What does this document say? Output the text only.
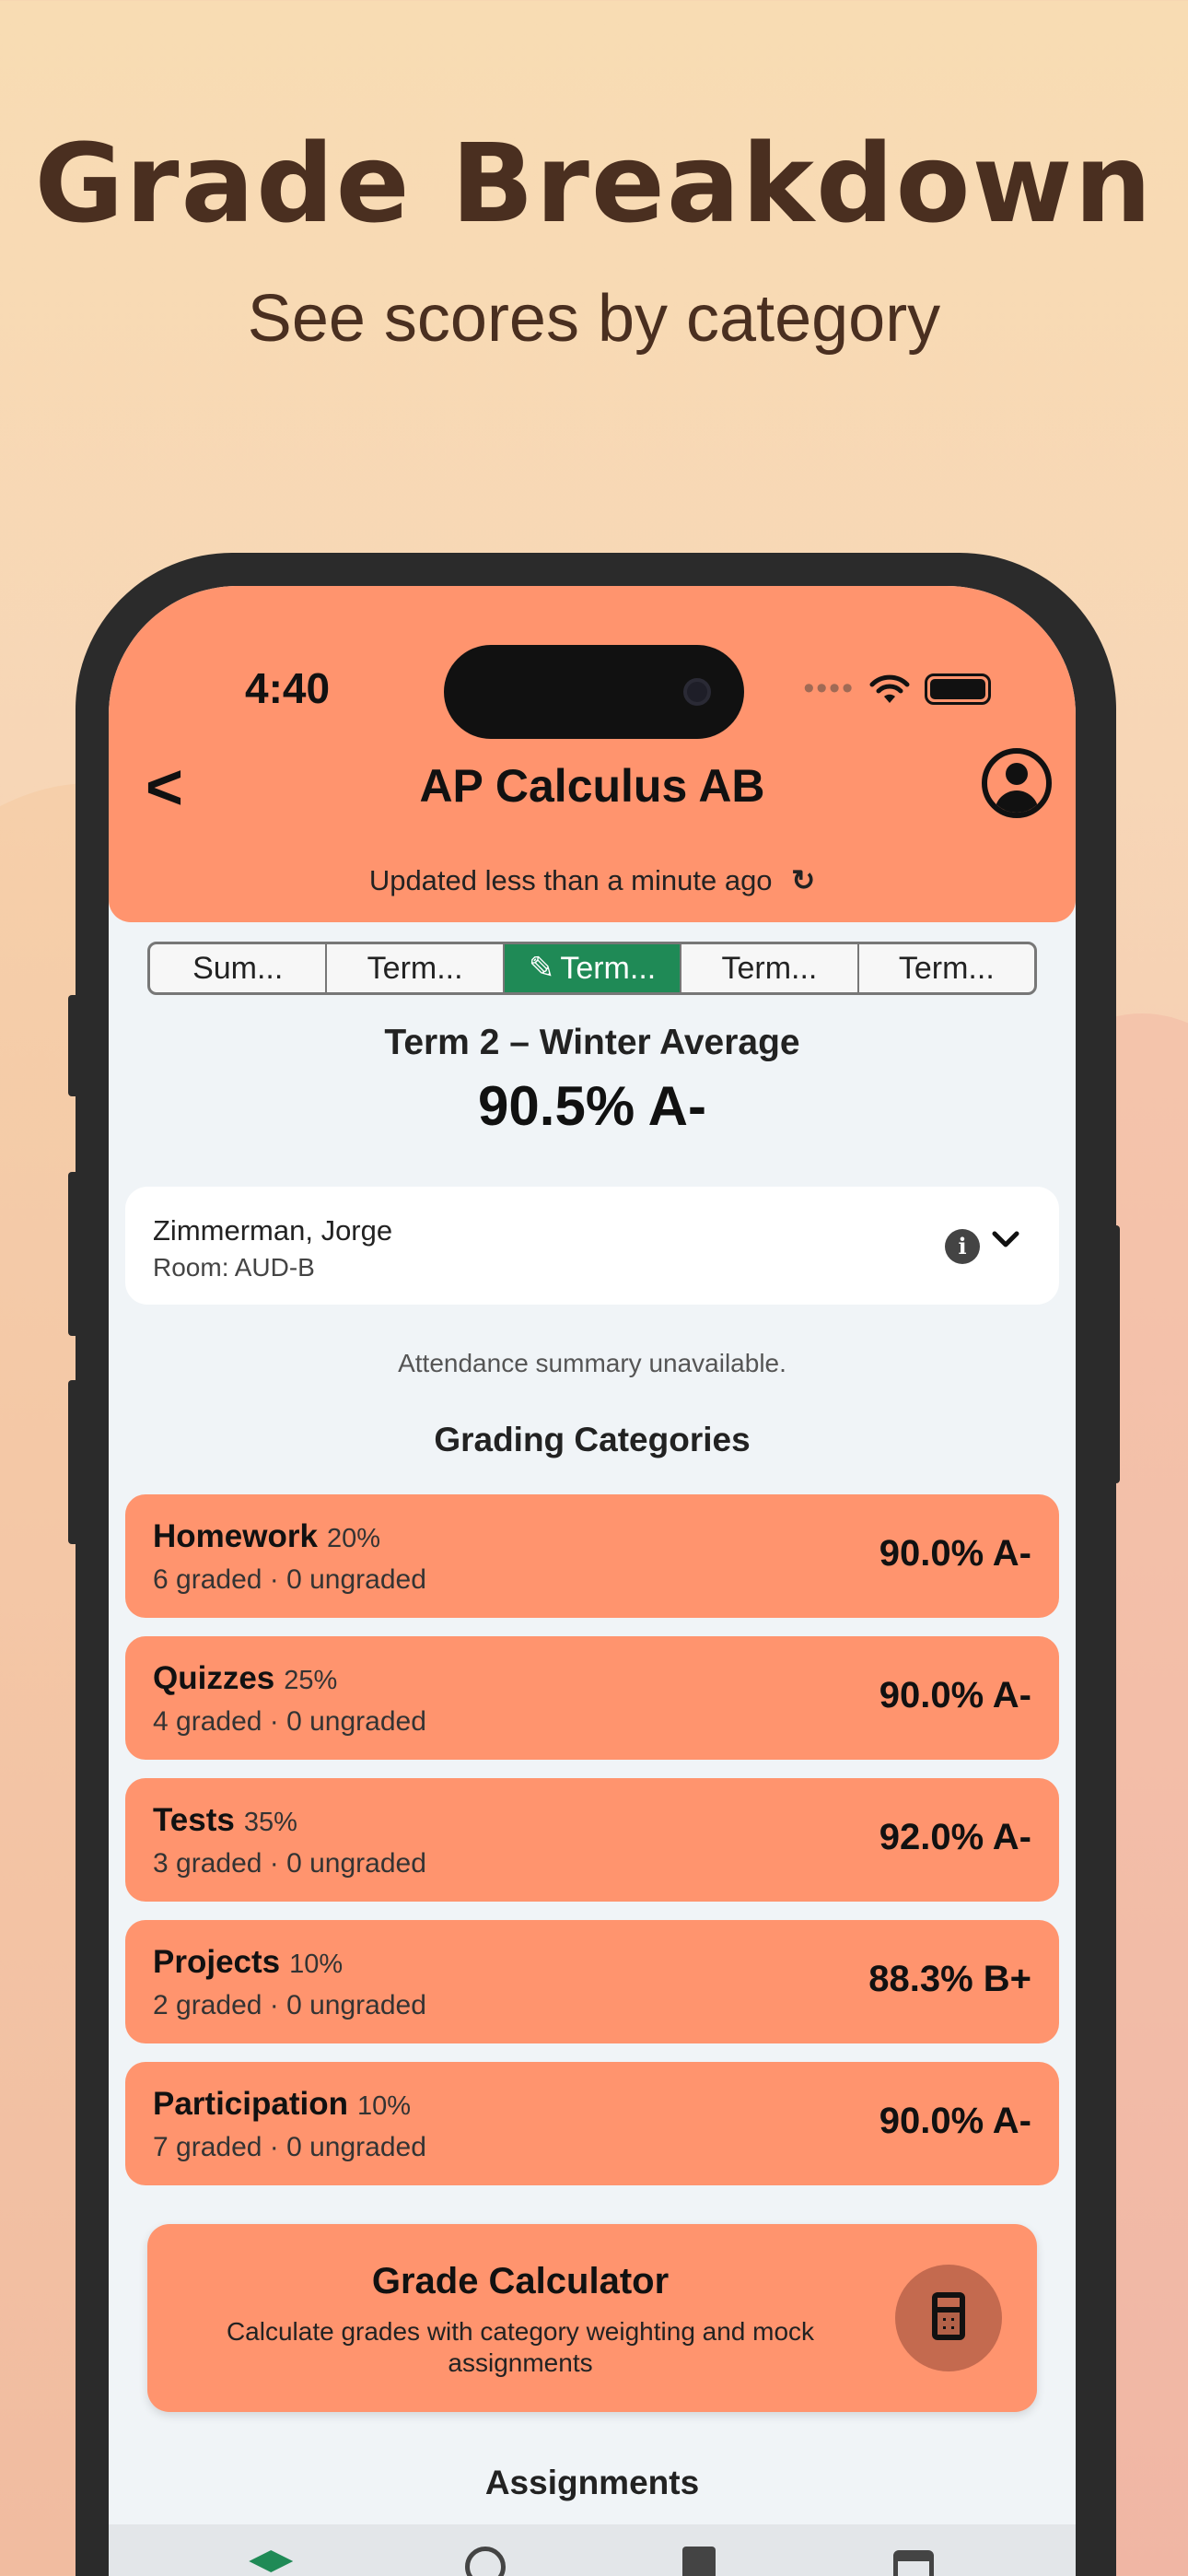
Grade Breakdown
See scores by category
4:40	••••
<	AP Calculus AB
Updated less than a minute ago ↻
Sum...	Term...	✎ Term...	Term...	Term...
Term 2 – Winter Average
90.5% A-
Zimmerman, Jorge
Room: AUD-B
i
Attendance summary unavailable.
Grading Categories
Homework 20%
6 graded · 0 ungraded
90.0% A-
Quizzes 25%
4 graded · 0 ungraded
90.0% A-
Tests 35%
3 graded · 0 ungraded
92.0% A-
Projects 10%
2 graded · 0 ungraded
88.3% B+
Participation 10%
7 graded · 0 ungraded
90.0% A-
Grade Calculator
Calculate grades with category weighting and mock assignments
Assignments
